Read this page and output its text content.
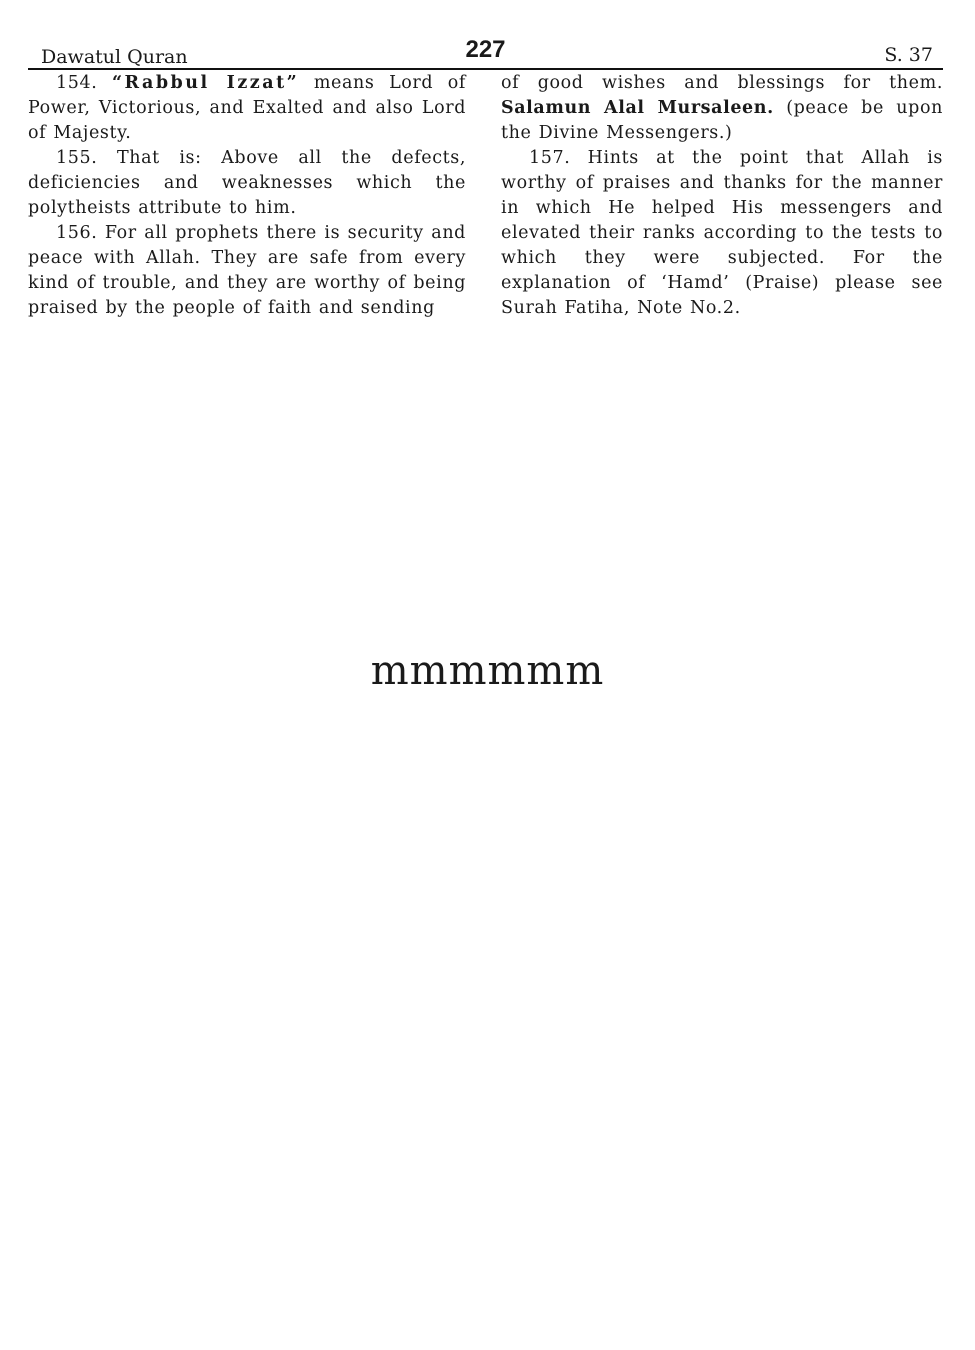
Dawatul Quran	227	S. 37

154. “Rabbul Izzat” means Lord of Power, Victorious, and Exalted and also Lord of Majesty.

155. That is: Above all the defects, deficiencies and weaknesses which the polytheists attribute to him.

156. For all prophets there is security and peace with Allah. They are safe from every kind of trouble, and they are worthy of being praised by the people of faith and sending

of good wishes and blessings for them. Salamun Alal Mursaleen. (peace be upon the Divine Messengers.)

157. Hints at the point that Allah is worthy of praises and thanks for the manner in which He helped His messengers and elevated their ranks according to the tests to which they were subjected. For the explanation of ‘Hamd’ (Praise) please see Surah Fatiha, Note No.2.

mmmmmm
